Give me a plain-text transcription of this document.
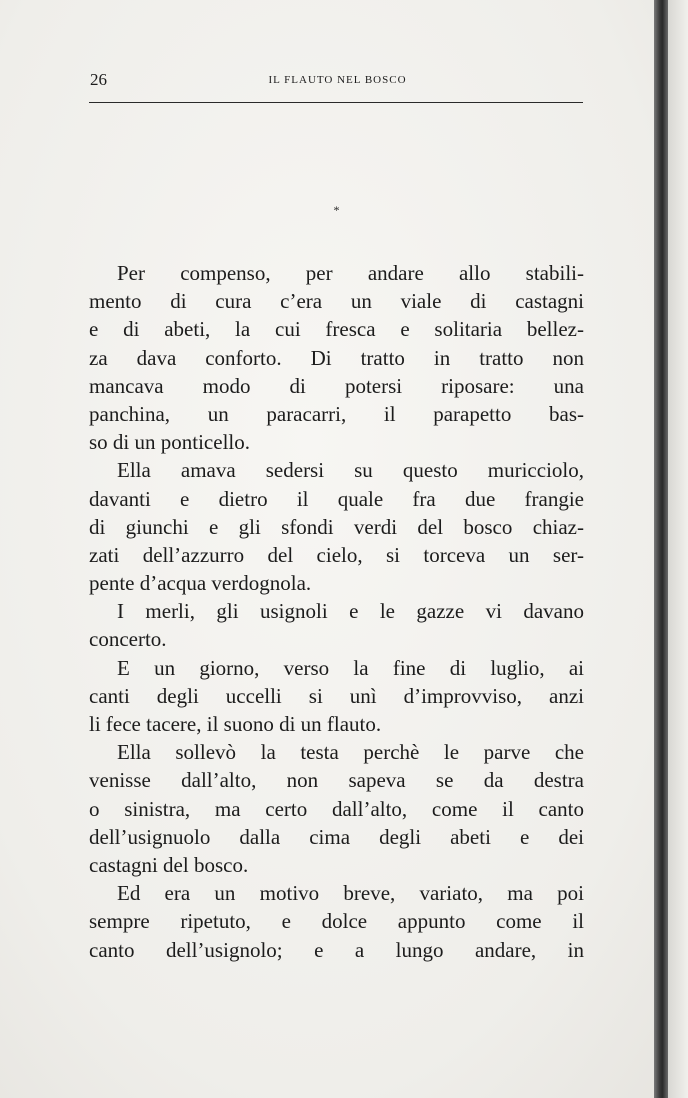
26	IL FLAUTO NEL BOSCO
*
Per compenso, per andare allo stabili-
mento di cura c’era un viale di castagni
e di abeti, la cui fresca e solitaria bellez-
za dava conforto. Di tratto in tratto non
mancava modo di potersi riposare: una
panchina, un paracarri, il parapetto bas-
so di un ponticello.
Ella amava sedersi su questo muricciolo,
davanti e dietro il quale fra due frangie
di giunchi e gli sfondi verdi del bosco chiaz-
zati dell’azzurro del cielo, si torceva un ser-
pente d’acqua verdognola.
I merli, gli usignoli e le gazze vi davano
concerto.
E un giorno, verso la fine di luglio, ai
canti degli uccelli si unì d’improvviso, anzi
li fece tacere, il suono di un flauto.
Ella sollevò la testa perchè le parve che
venisse dall’alto, non sapeva se da destra
o sinistra, ma certo dall’alto, come il canto
dell’usignuolo dalla cima degli abeti e dei
castagni del bosco.
Ed era un motivo breve, variato, ma poi
sempre ripetuto, e dolce appunto come il
canto dell’usignolo; e a lungo andare, in
